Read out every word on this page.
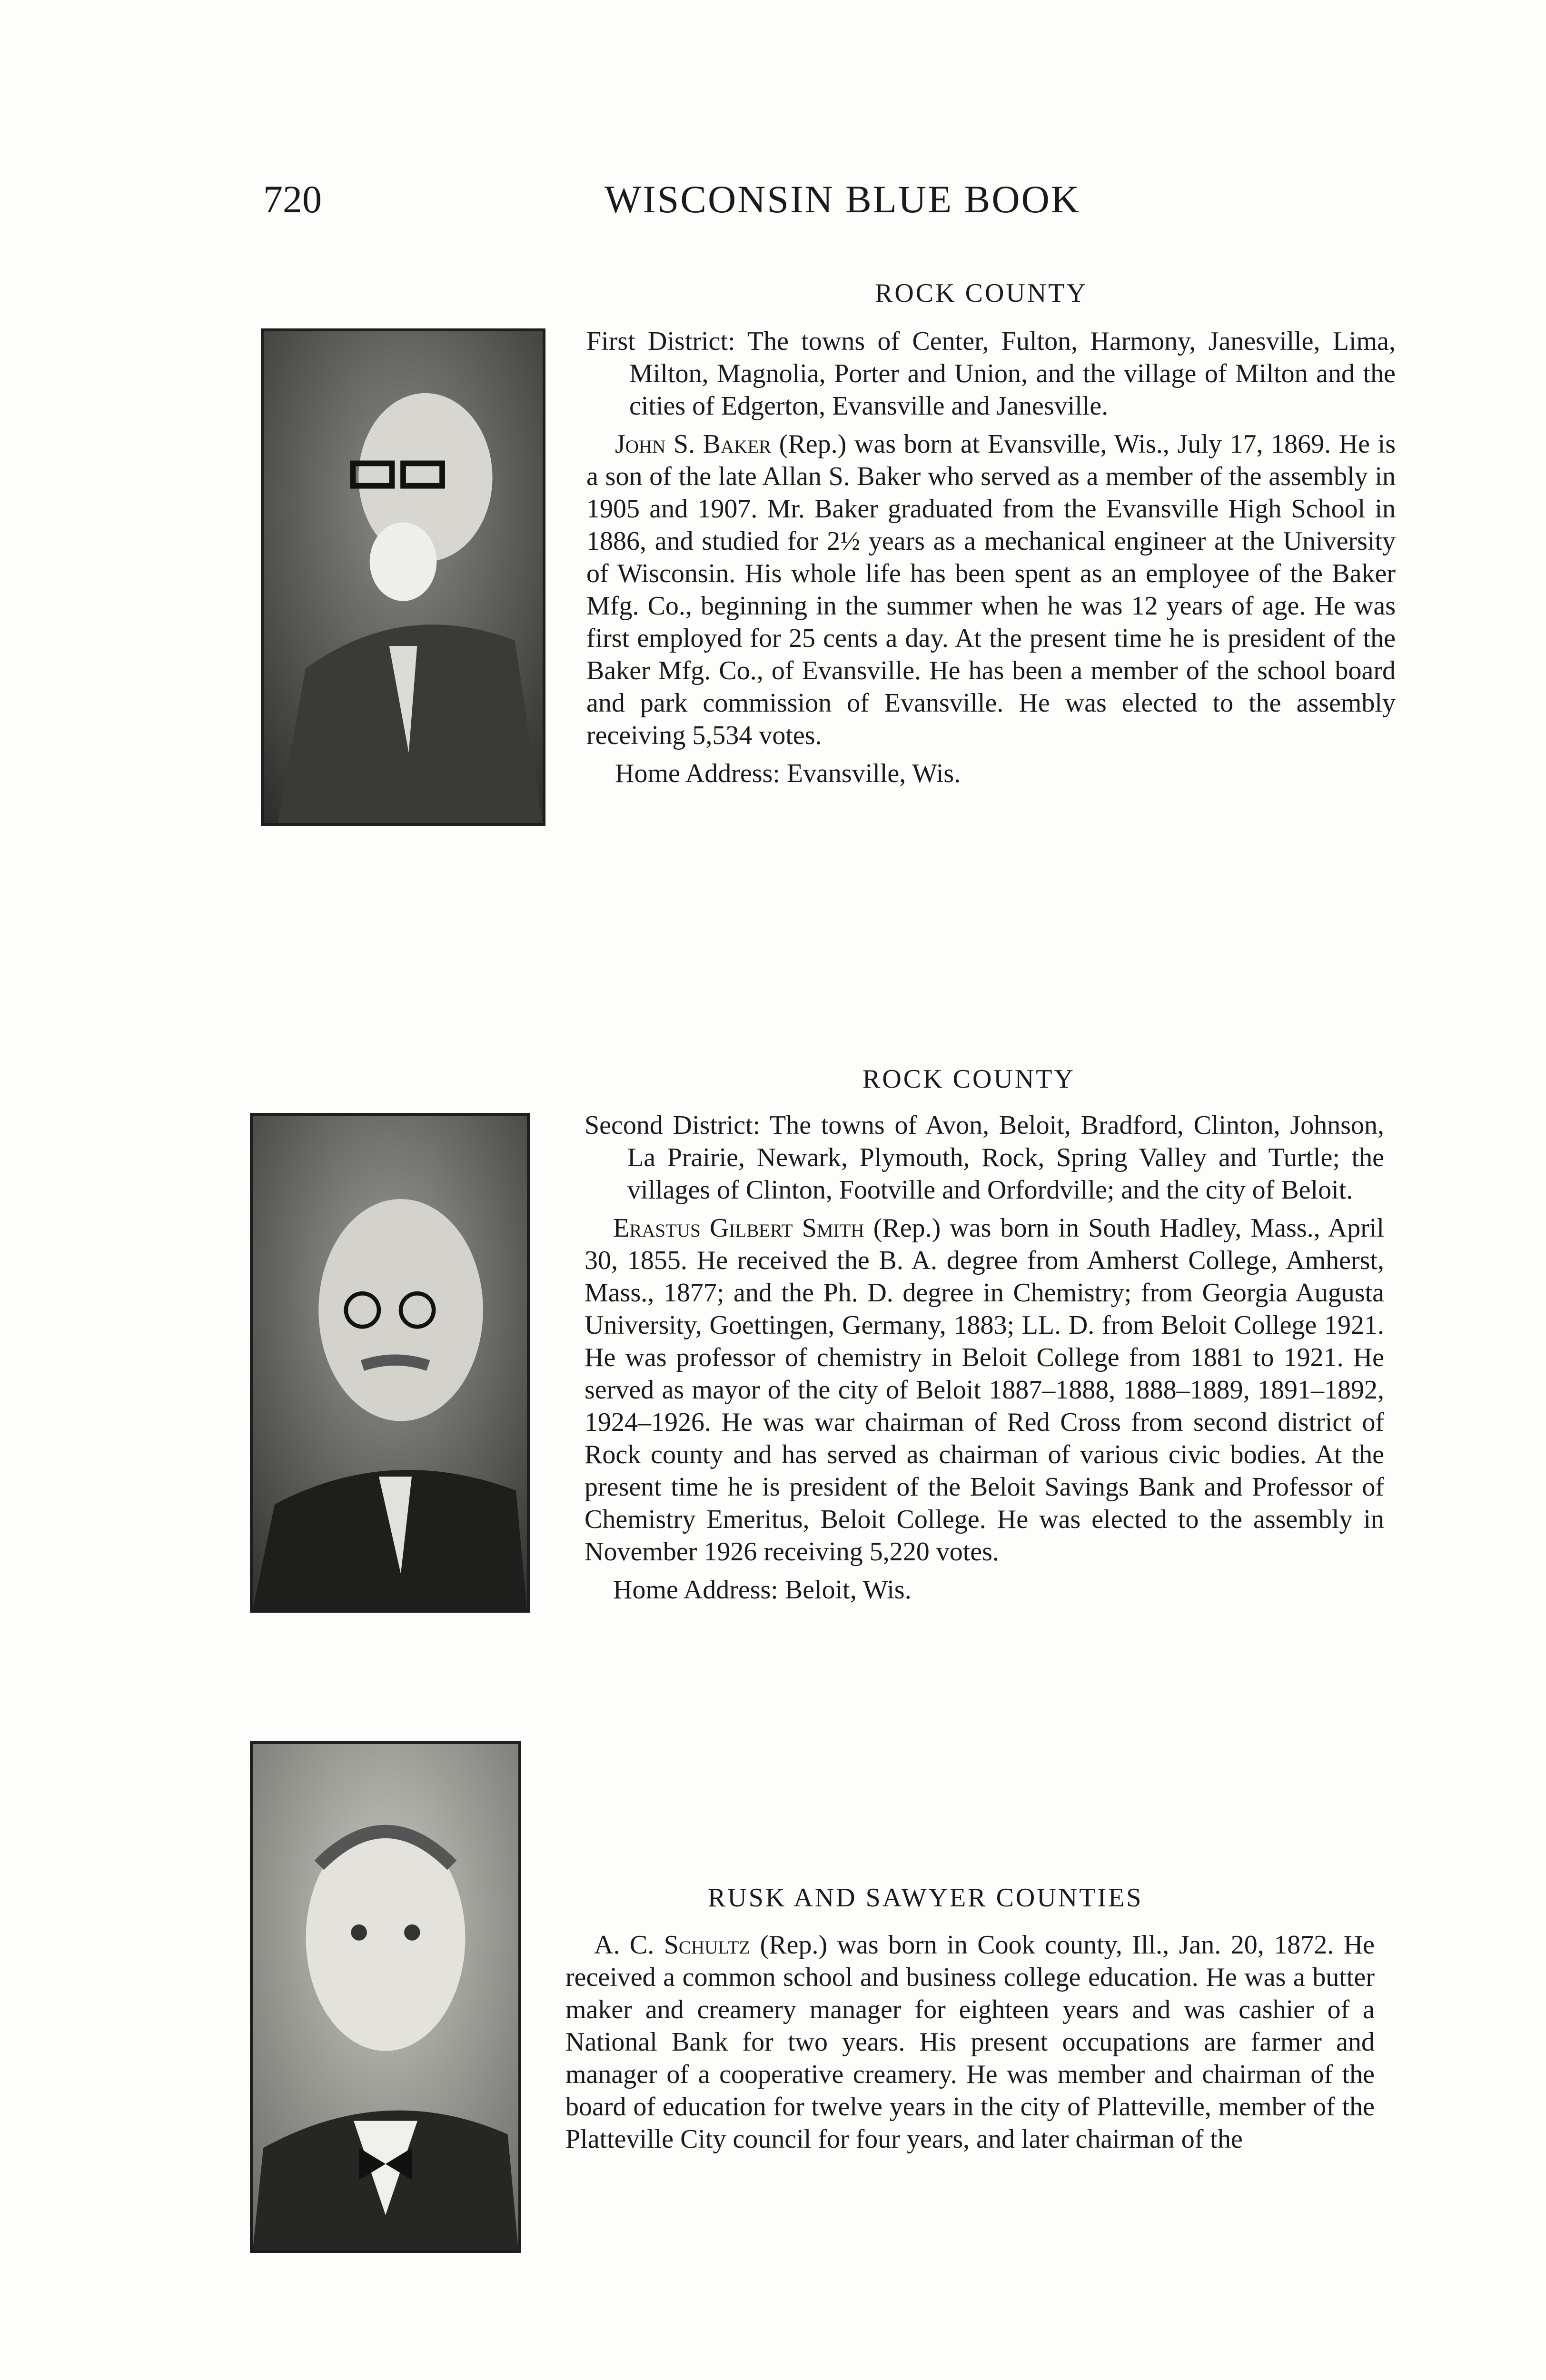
720	WISCONSIN BLUE BOOK
ROCK COUNTY

First District: The towns of Center, Fulton, Harmony, Janesville, Lima, Milton, Magnolia, Porter and Union, and the village of Milton and the cities of Edgerton, Evansville and Janesville.

John S. Baker (Rep.) was born at Evansville, Wis., July 17, 1869. He is a son of the late Allan S. Baker who served as a member of the assembly in 1905 and 1907. Mr. Baker graduated from the Evansville High School in 1886, and studied for 2½ years as a mechanical engineer at the University of Wisconsin. His whole life has been spent as an employee of the Baker Mfg. Co., beginning in the summer when he was 12 years of age. He was first employed for 25 cents a day. At the present time he is president of the Baker Mfg. Co., of Evansville. He has been a member of the school board and park commission of Evansville. He was elected to the assembly receiving 5,534 votes.

Home Address: Evansville, Wis.

ROCK COUNTY

Second District: The towns of Avon, Beloit, Bradford, Clinton, Johnson, La Prairie, Newark, Plymouth, Rock, Spring Valley and Turtle; the villages of Clinton, Footville and Orfordville; and the city of Beloit.

Erastus Gilbert Smith (Rep.) was born in South Hadley, Mass., April 30, 1855. He received the B. A. degree from Amherst College, Amherst, Mass., 1877; and the Ph. D. degree in Chemistry; from Georgia Augusta University, Goettingen, Germany, 1883; LL. D. from Beloit College 1921. He was professor of chemistry in Beloit College from 1881 to 1921. He served as mayor of the city of Beloit 1887–1888, 1888–1889, 1891–1892, 1924–1926. He was war chairman of Red Cross from second district of Rock county and has served as chairman of various civic bodies. At the present time he is president of the Beloit Savings Bank and Professor of Chemistry Emeritus, Beloit College. He was elected to the assembly in November 1926 receiving 5,220 votes.

Home Address: Beloit, Wis.

RUSK AND SAWYER COUNTIES

A. C. Schultz (Rep.) was born in Cook county, Ill., Jan. 20, 1872. He received a common school and business college education. He was a butter maker and creamery manager for eighteen years and was cashier of a National Bank for two years. His present occupations are farmer and manager of a cooperative creamery. He was member and chairman of the board of education for twelve years in the city of Platteville, member of the Platteville City council for four years, and later chairman of the
